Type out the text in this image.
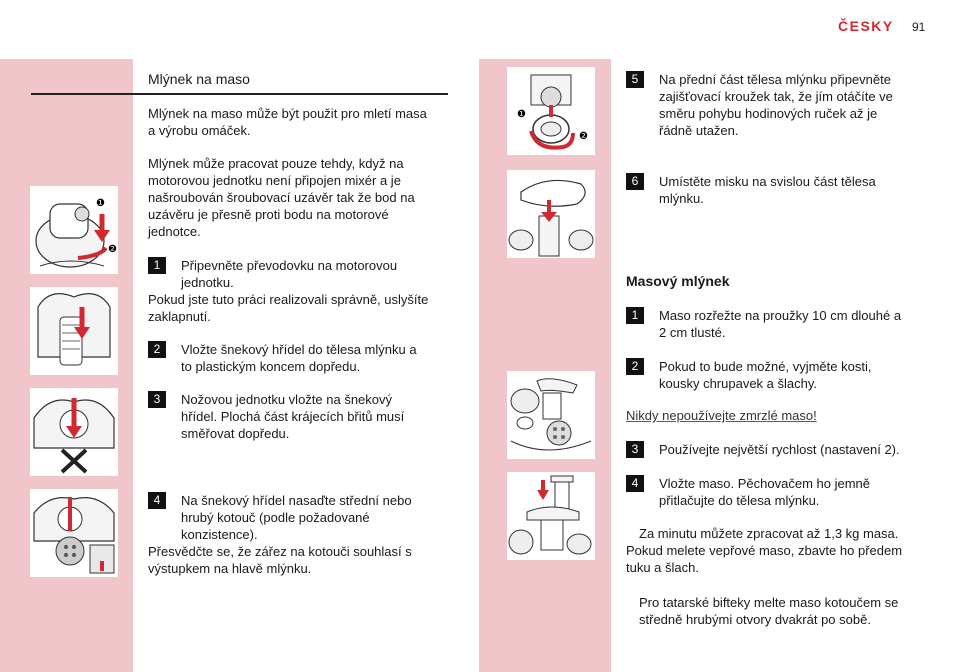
ČESKY 91
Mlýnek na maso
Mlýnek na maso může být použit pro mletí masa
a výrobu omáček.
Mlýnek může pracovat pouze tehdy, když na
motorovou jednotku není připojen mixér a je
našroubován šroubovací uzávěr tak že bod na
uzávěru je přesně proti bodu na motorové
jednotce.
1	Připevněte převodovku na motorovou
jednotku.
Pokud jste tuto práci realizovali správně, uslyšíte
zaklapnutí.
2	Vložte šnekový hřídel do tělesa mlýnku a
to plastickým koncem dopředu.
3	Nožovou jednotku vložte na šnekový
hřídel. Plochá část krájecích břitů musí
směřovat dopředu.
4	Na šnekový hřídel nasaďte střední nebo
hrubý kotouč (podle požadované
konzistence).
Přesvědčte se, že zářez na kotouči souhlasí s
výstupkem na hlavě mlýnku.
❶
❷
❶
❷
5	Na přední část tělesa mlýnku připevněte
zajišťovací kroužek tak, že jím otáčíte ve
směru pohybu hodinových ruček až je
řádně utažen.
6	Umístěte misku na svislou část tělesa
mlýnku.
Masový mlýnek
1	Maso rozřežte na proužky 10 cm dlouhé a
2 cm tlusté.
2	Pokud to bude možné, vyjměte kosti,
kousky chrupavek a šlachy.
Nikdy nepoužívejte zmrzlé maso!
3	Používejte největší rychlost (nastavení 2).
4	Vložte maso. Pěchovačem ho jemně
přitlačujte do tělesa mlýnku.
Za minutu můžete zpracovat až 1,3 kg masa.
Pokud melete vepřové maso, zbavte ho předem
tuku a šlach.
Pro tatarské bifteky melte maso kotoučem se
středně hrubými otvory dvakrát po sobě.
